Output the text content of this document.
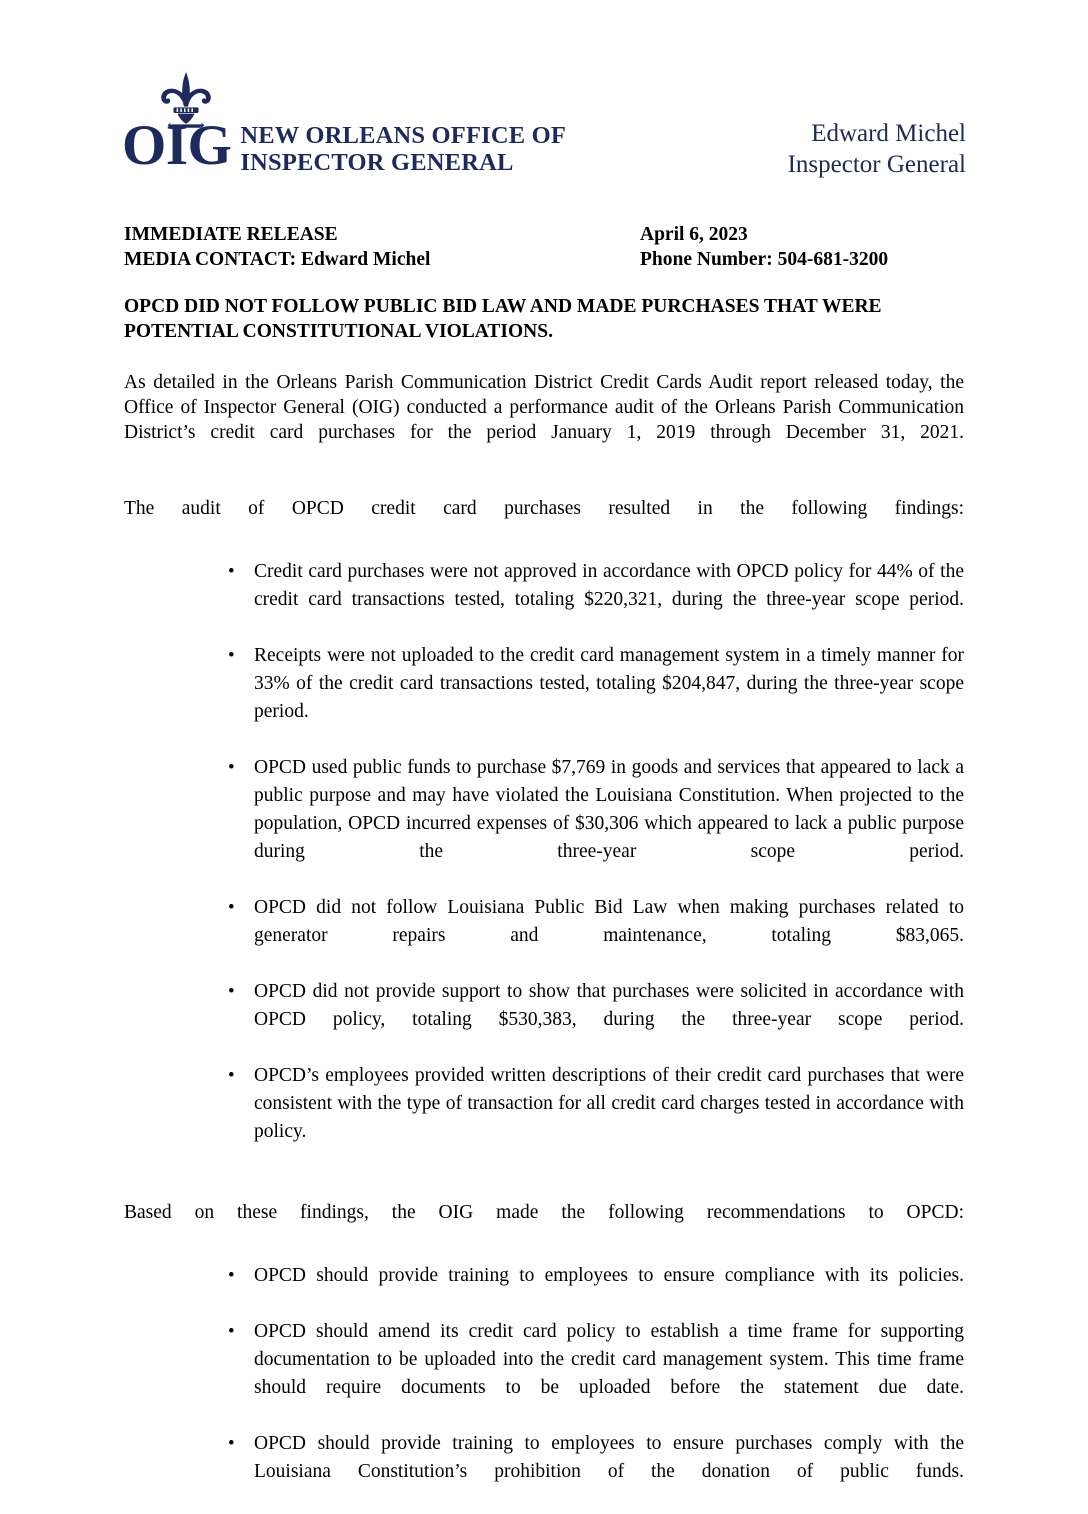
OIG NEW ORLEANS OFFICE OF
INSPECTOR GENERAL
Edward Michel
Inspector General
IMMEDIATE RELEASE	April 6, 2023
MEDIA CONTACT: Edward Michel	Phone Number: 504-681-3200
OPCD DID NOT FOLLOW PUBLIC BID LAW AND MADE PURCHASES THAT WERE POTENTIAL CONSTITUTIONAL VIOLATIONS.

As detailed in the Orleans Parish Communication District Credit Cards Audit report released today, the Office of Inspector General (OIG) conducted a performance audit of the Orleans Parish Communication District’s credit card purchases for the period January 1, 2019 through December 31, 2021.

The audit of OPCD credit card purchases resulted in the following findings:

• Credit card purchases were not approved in accordance with OPCD policy for 44% of the credit card transactions tested, totaling $220,321, during the three-year scope period.
• Receipts were not uploaded to the credit card management system in a timely manner for 33% of the credit card transactions tested, totaling $204,847, during the three-year scope period.
• OPCD used public funds to purchase $7,769 in goods and services that appeared to lack a public purpose and may have violated the Louisiana Constitution. When projected to the population, OPCD incurred expenses of $30,306 which appeared to lack a public purpose during the three-year scope period.
• OPCD did not follow Louisiana Public Bid Law when making purchases related to generator repairs and maintenance, totaling $83,065.
• OPCD did not provide support to show that purchases were solicited in accordance with OPCD policy, totaling $530,383, during the three-year scope period.
• OPCD’s employees provided written descriptions of their credit card purchases that were consistent with the type of transaction for all credit card charges tested in accordance with policy.

Based on these findings, the OIG made the following recommendations to OPCD:

• OPCD should provide training to employees to ensure compliance with its policies.
• OPCD should amend its credit card policy to establish a time frame for supporting documentation to be uploaded into the credit card management system. This time frame should require documents to be uploaded before the statement due date.
• OPCD should provide training to employees to ensure purchases comply with the Louisiana Constitution’s prohibition of the donation of public funds.
